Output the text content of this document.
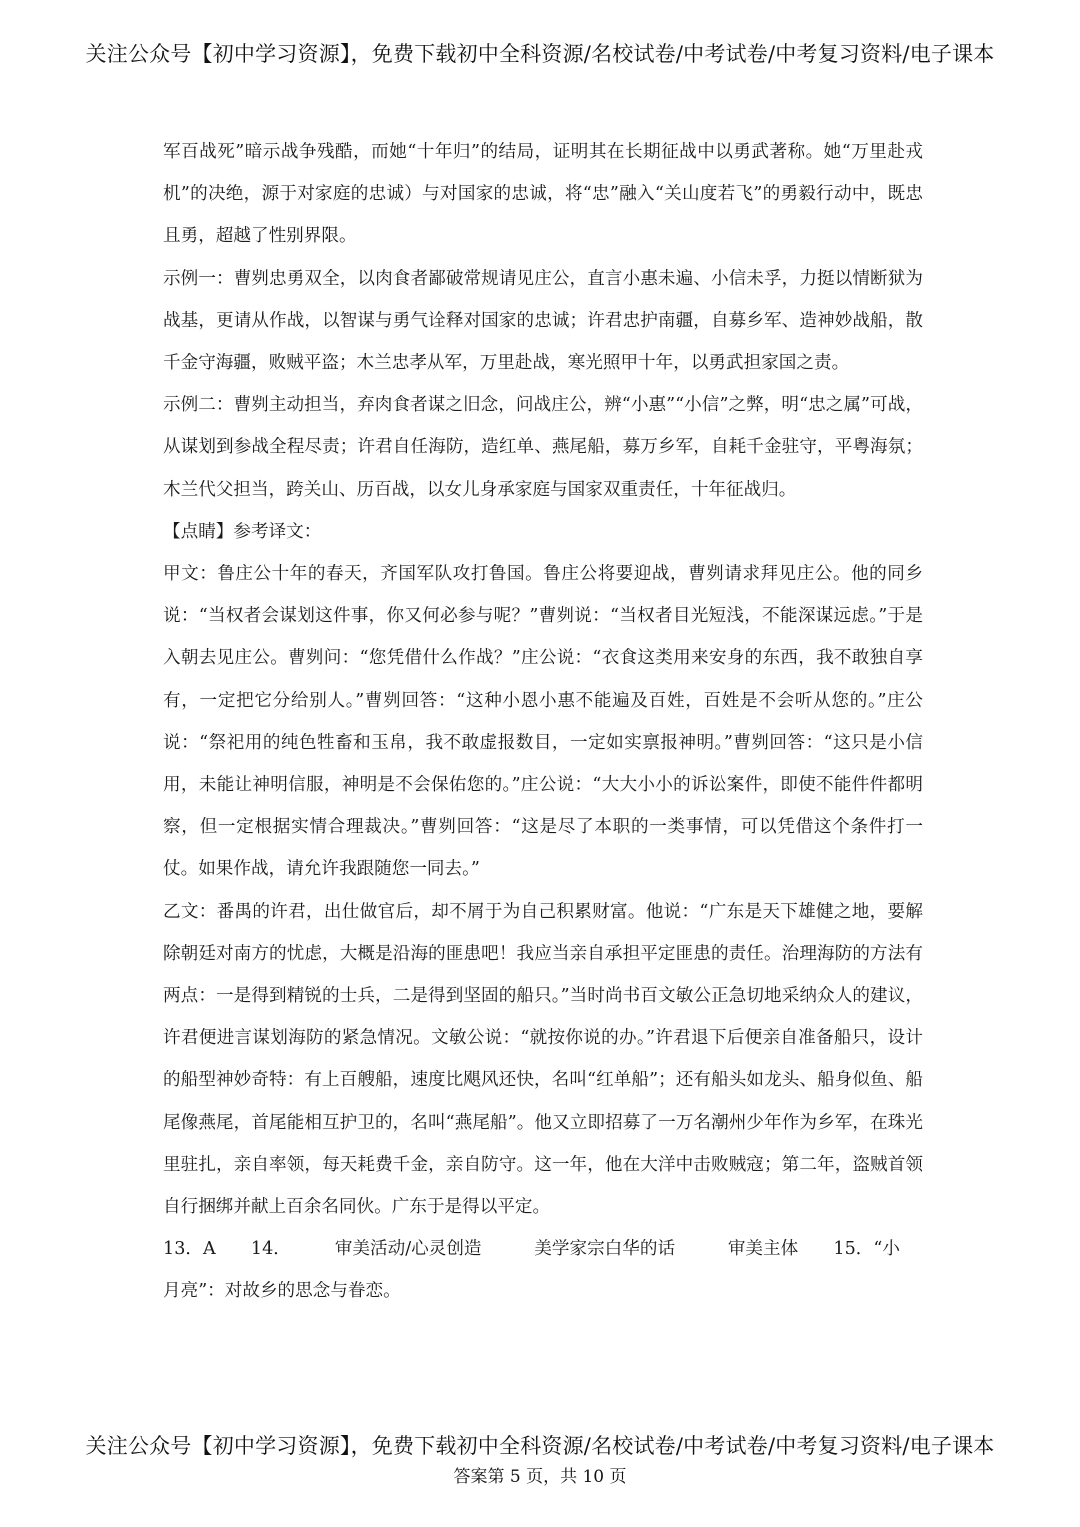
关注公众号【初中学习资源】，免费下载初中全科资源/名校试卷/中考试卷/中考复习资料/电子课本

军百战死”暗示战争残酷，而她“十年归”的结局，证明其在长期征战中以勇武著称。她“万里赴戎机”的决绝，源于对家庭的忠诚）与对国家的忠诚，将“忠”融入“关山度若飞”的勇毅行动中，既忠且勇，超越了性别界限。

示例一：曹刿忠勇双全，以肉食者鄙破常规请见庄公，直言小惠未遍、小信未孚，力挺以情断狱为战基，更请从作战，以智谋与勇气诠释对国家的忠诚；许君忠护南疆，自募乡军、造神妙战船，散千金守海疆，败贼平盗；木兰忠孝从军，万里赴战，寒光照甲十年，以勇武担家国之责。

示例二：曹刿主动担当，弃肉食者谋之旧念，问战庄公，辨“小惠”“小信”之弊，明“忠之属”可战，从谋划到参战全程尽责；许君自任海防，造红单、燕尾船，募万乡军，自耗千金驻守，平粤海氛；木兰代父担当，跨关山、历百战，以女儿身承家庭与国家双重责任，十年征战归。

【点睛】参考译文：

甲文：鲁庄公十年的春天，齐国军队攻打鲁国。鲁庄公将要迎战，曹刿请求拜见庄公。他的同乡说：“当权者会谋划这件事，你又何必参与呢？”曹刿说：“当权者目光短浅，不能深谋远虑。”于是入朝去见庄公。曹刿问：“您凭借什么作战？”庄公说：“衣食这类用来安身的东西，我不敢独自享有，一定把它分给别人。”曹刿回答：“这种小恩小惠不能遍及百姓，百姓是不会听从您的。”庄公说：“祭祀用的纯色牲畜和玉帛，我不敢虚报数目，一定如实禀报神明。”曹刿回答：“这只是小信用，未能让神明信服，神明是不会保佑您的。”庄公说：“大大小小的诉讼案件，即使不能件件都明察，但一定根据实情合理裁决。”曹刿回答：“这是尽了本职的一类事情，可以凭借这个条件打一仗。如果作战，请允许我跟随您一同去。”

乙文：番禺的许君，出仕做官后，却不屑于为自己积累财富。他说：“广东是天下雄健之地，要解除朝廷对南方的忧虑，大概是沿海的匪患吧！我应当亲自承担平定匪患的责任。治理海防的方法有两点：一是得到精锐的士兵，二是得到坚固的船只。”当时尚书百文敏公正急切地采纳众人的建议，许君便进言谋划海防的紧急情况。文敏公说：“就按你说的办。”许君退下后便亲自准备船只，设计的船型神妙奇特：有上百艘船，速度比飓风还快，名叫“红单船”；还有船头如龙头、船身似鱼、船尾像燕尾，首尾能相互护卫的，名叫“燕尾船”。他又立即招募了一万名潮州少年作为乡军，在珠光里驻扎，亲自率领，每天耗费千金，亲自防守。这一年，他在大洋中击败贼寇；第二年，盗贼首领自行捆绑并献上百余名同伙。广东于是得以平定。

13．A　　14．　　　审美活动/心灵创造　　　美学家宗白华的话　　　审美主体　　15．“小

月亮”：对故乡的思念与眷恋。

关注公众号【初中学习资源】，免费下载初中全科资源/名校试卷/中考试卷/中考复习资料/电子课本
答案第 5 页，共 10 页
